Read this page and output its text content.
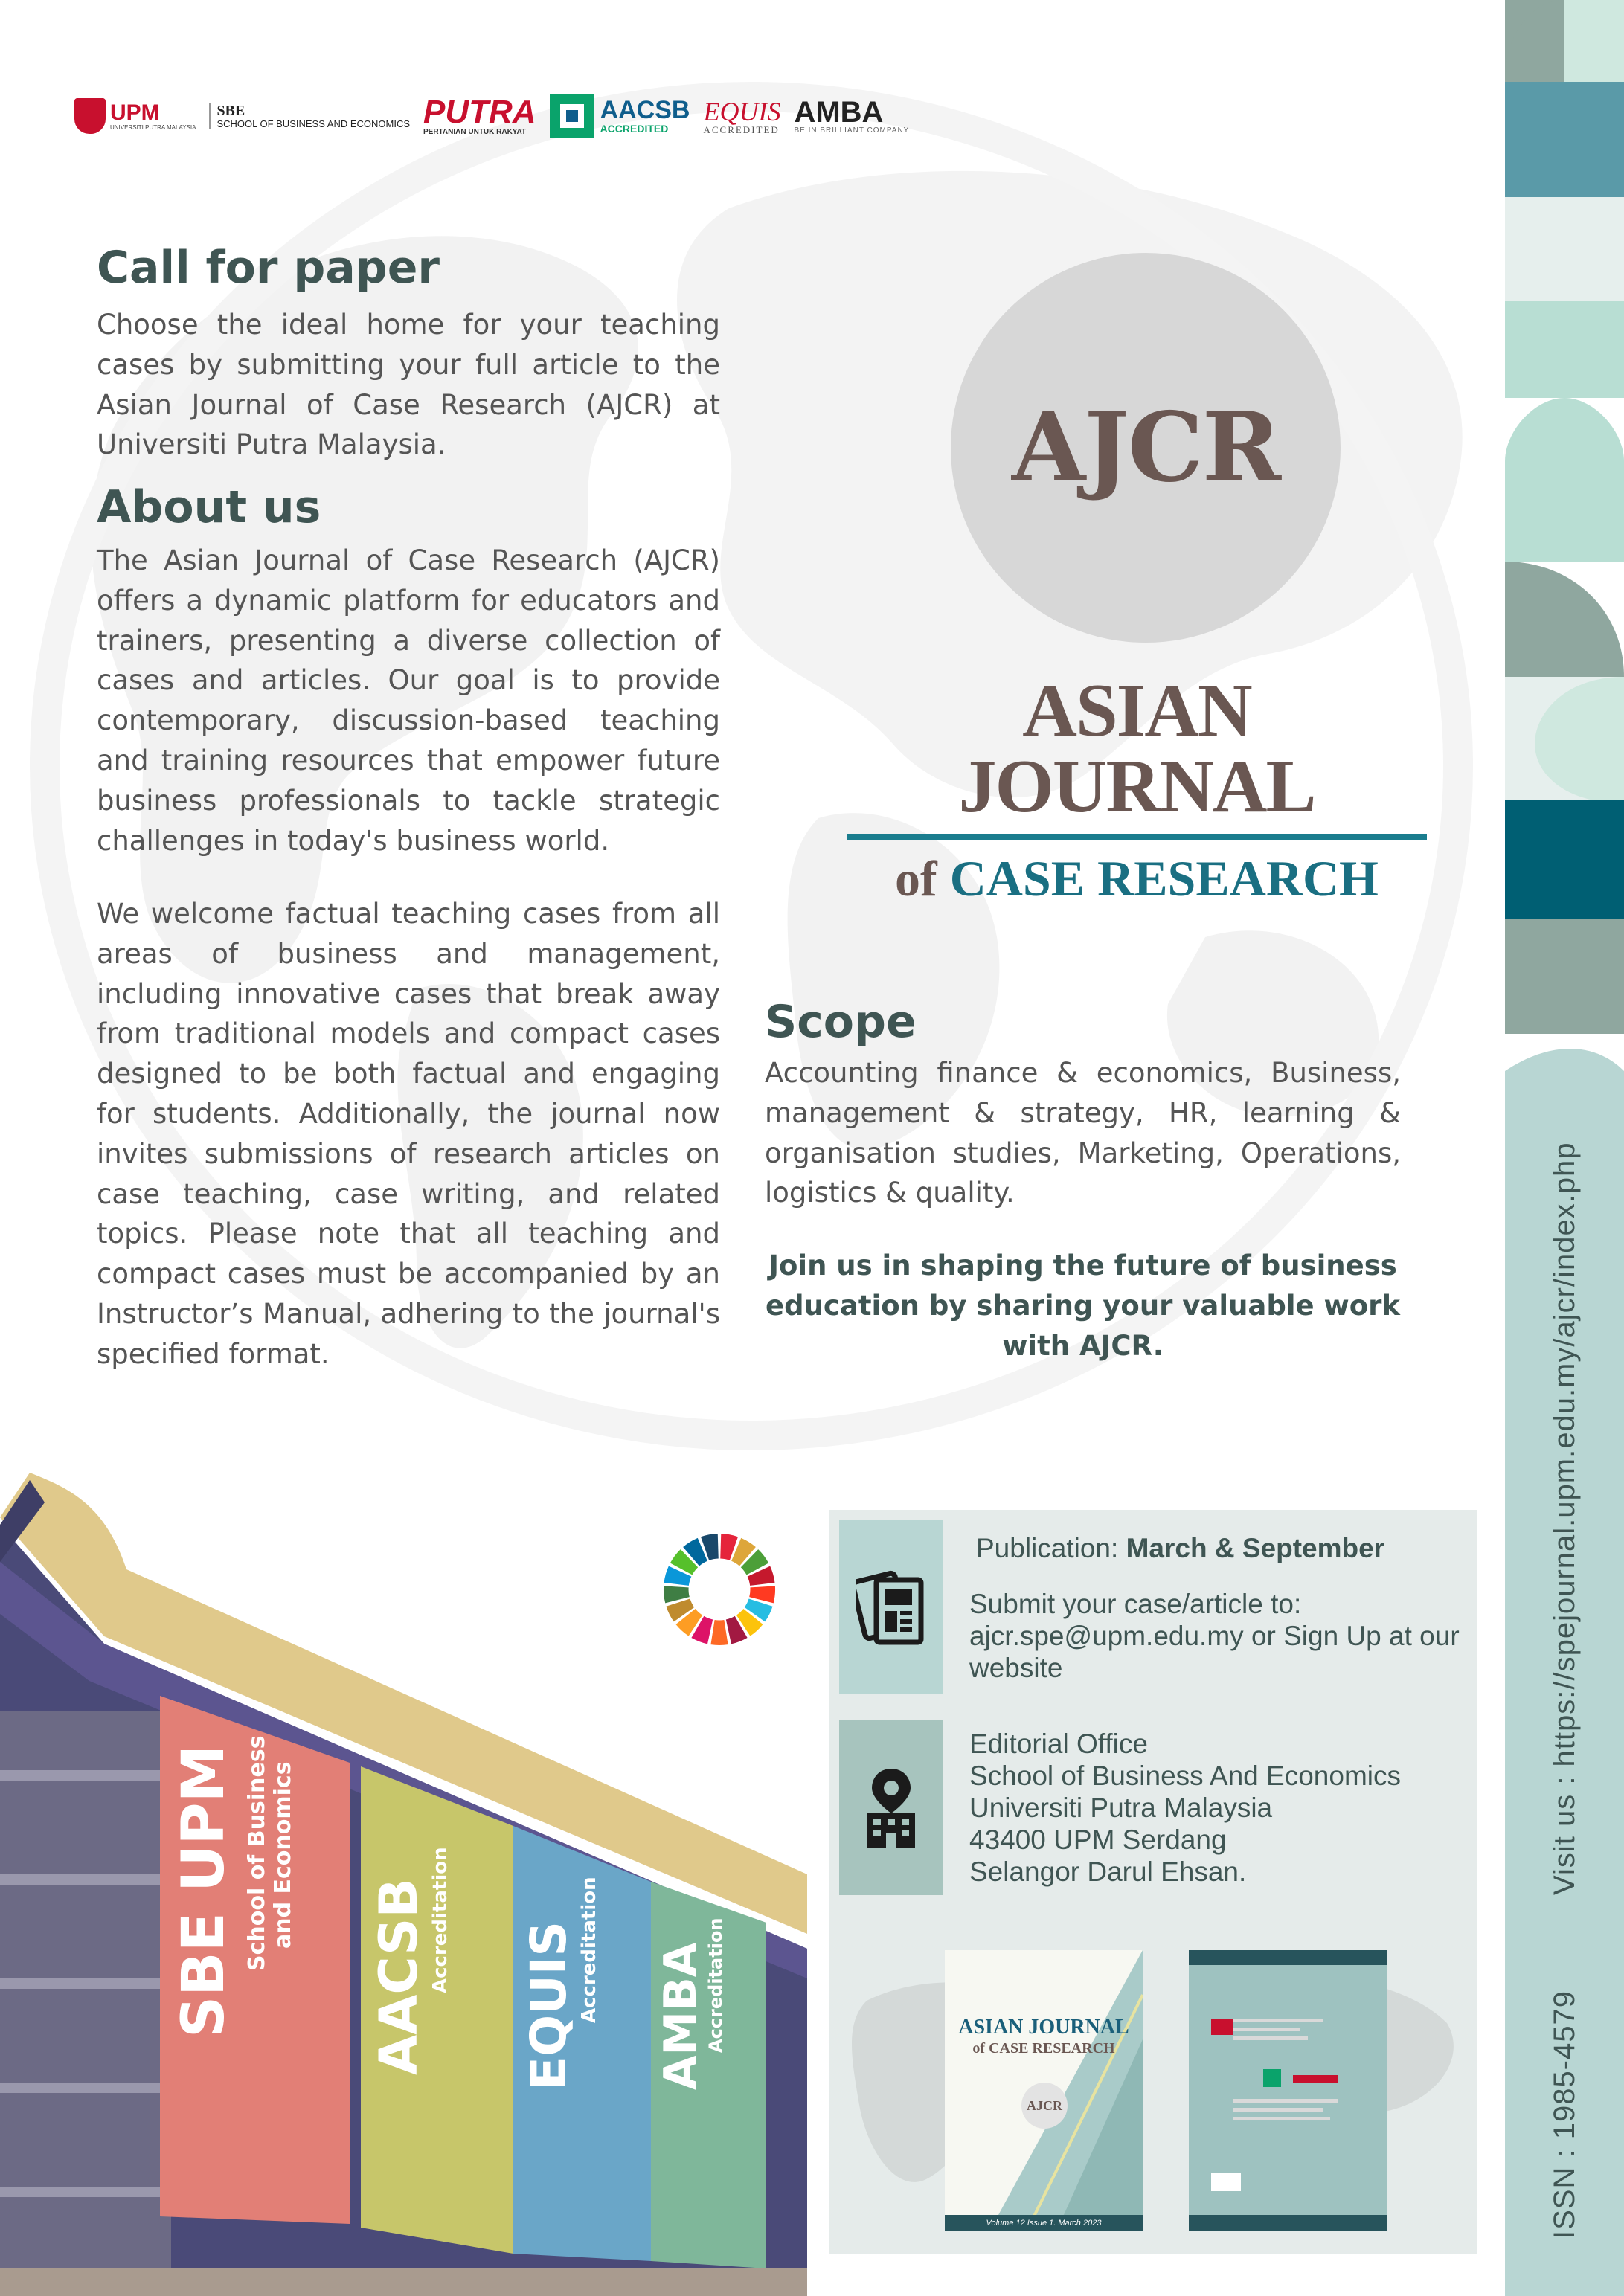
Visit us : https://spejournal.upm.edu.my/ajcr/index.php
ISSN : 1985-4579
UPM
UNIVERSITI PUTRA MALAYSIA
SBE
SCHOOL OF BUSINESS AND ECONOMICS PUTRA
PERTANIAN UNTUK RAKYAT
AACSB
ACCREDITED
EQUIS
ACCREDITED
AMBA
BE IN BRILLIANT COMPANY
Call for paper

Choose the ideal home for your teaching cases by submitting your full article to the Asian Journal of Case Research (AJCR) at Universiti Putra Malaysia.

About us

The Asian Journal of Case Research (AJCR) offers a dynamic platform for educators and trainers, presenting a diverse collection of cases and articles. Our goal is to provide contemporary, discussion-based teaching and training resources that empower future business professionals to tackle strategic challenges in today's business world.

We welcome factual teaching cases from all areas of business and management, including innovative cases that break away from traditional models and compact cases designed to be both factual and engaging for students. Additionally, the journal now invites submissions of research articles on case teaching, case writing, and related topics. Please note that all teaching and compact cases must be accompanied by an Instructor’s Manual, adhering to the journal's specified format.

AJCR
ASIAN JOURNAL
of CASE RESEARCH
Scope

Accounting finance & economics, Business, management & strategy, HR, learning & organisation studies, Marketing, Operations, logistics & quality.

Join us in shaping the future of business education by sharing your valuable work with AJCR.

SBE UPM School of Business and Economics
AACSB Accreditation
EQUIS Accreditation AMBA
Accreditation
Publication: March & September
Submit your case/article to:
ajcr.spe@upm.edu.my or Sign Up at our website
Editorial Office
School of Business And Economics
Universiti Putra Malaysia
43400 UPM Serdang
Selangor Darul Ehsan.
ASIAN JOURNAL
of CASE RESEARCH
AJCR
Volume 12 Issue 1. March 2023
